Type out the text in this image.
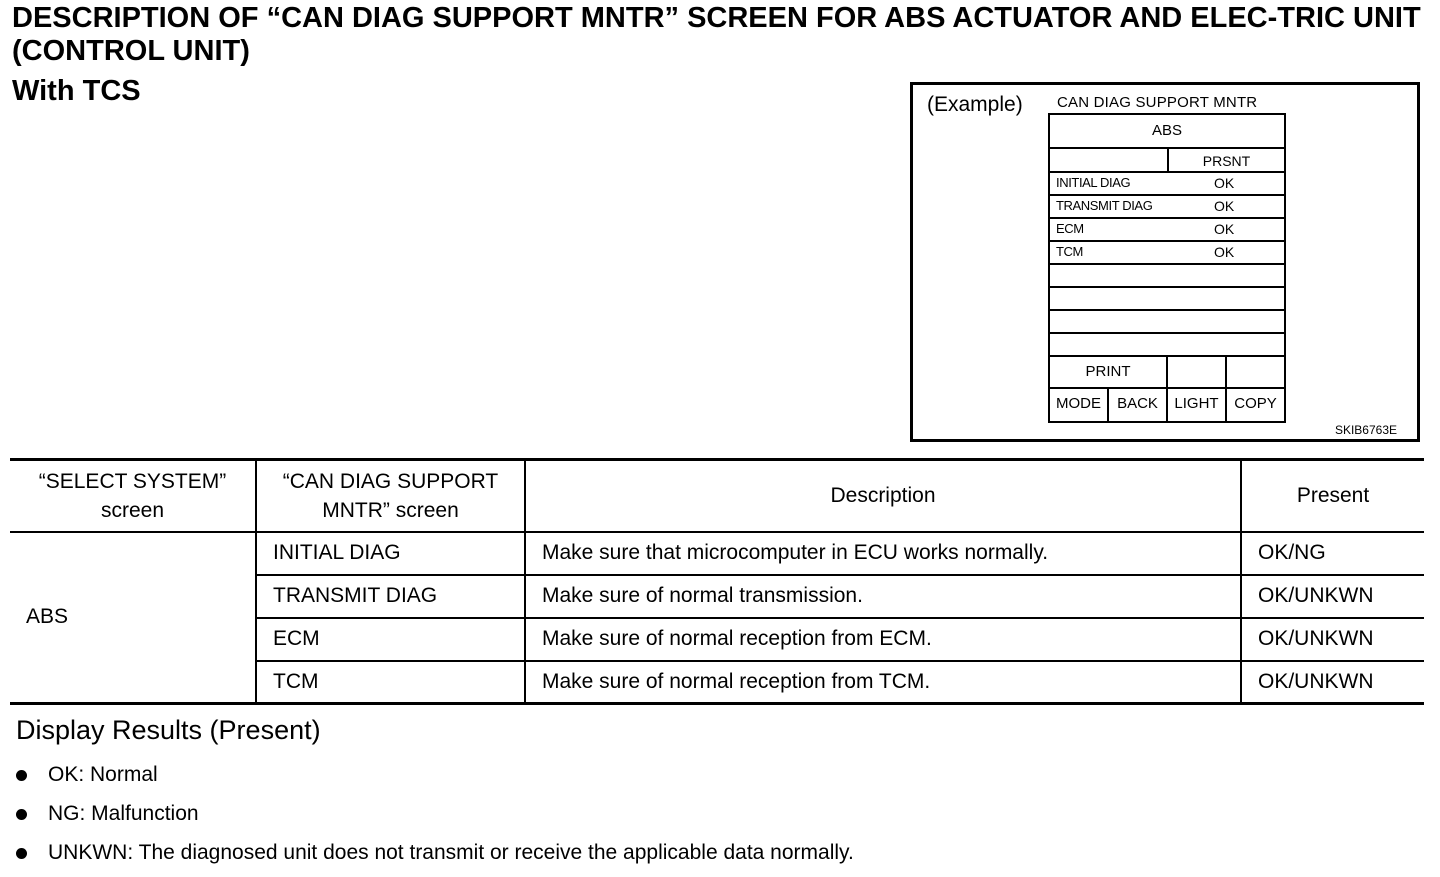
DESCRIPTION OF “CAN DIAG SUPPORT MNTR” SCREEN FOR ABS ACTUATOR AND ELEC-TRIC UNIT (CONTROL UNIT)
With TCS	(Example) CAN DIAG SUPPORT MNTR
ABS
PRSNT
INITIAL DIAG	OK
TRANSMIT DIAG	OK
ECM	OK
TCM	OK
PRINT
MODE	BACK	LIGHT	COPY
SKIB6763E
“SELECT SYSTEM” screen	“CAN DIAG SUPPORT MNTR” screen	Description	Present
ABS	INITIAL DIAG	Make sure that microcomputer in ECU works normally.	OK/NG
	TRANSMIT DIAG	Make sure of normal transmission.	OK/UNKWN
	ECM	Make sure of normal reception from ECM.	OK/UNKWN
	TCM	Make sure of normal reception from TCM.	OK/UNKWN
Display Results (Present)
OK: Normal
NG: Malfunction
UNKWN: The diagnosed unit does not transmit or receive the applicable data normally.
